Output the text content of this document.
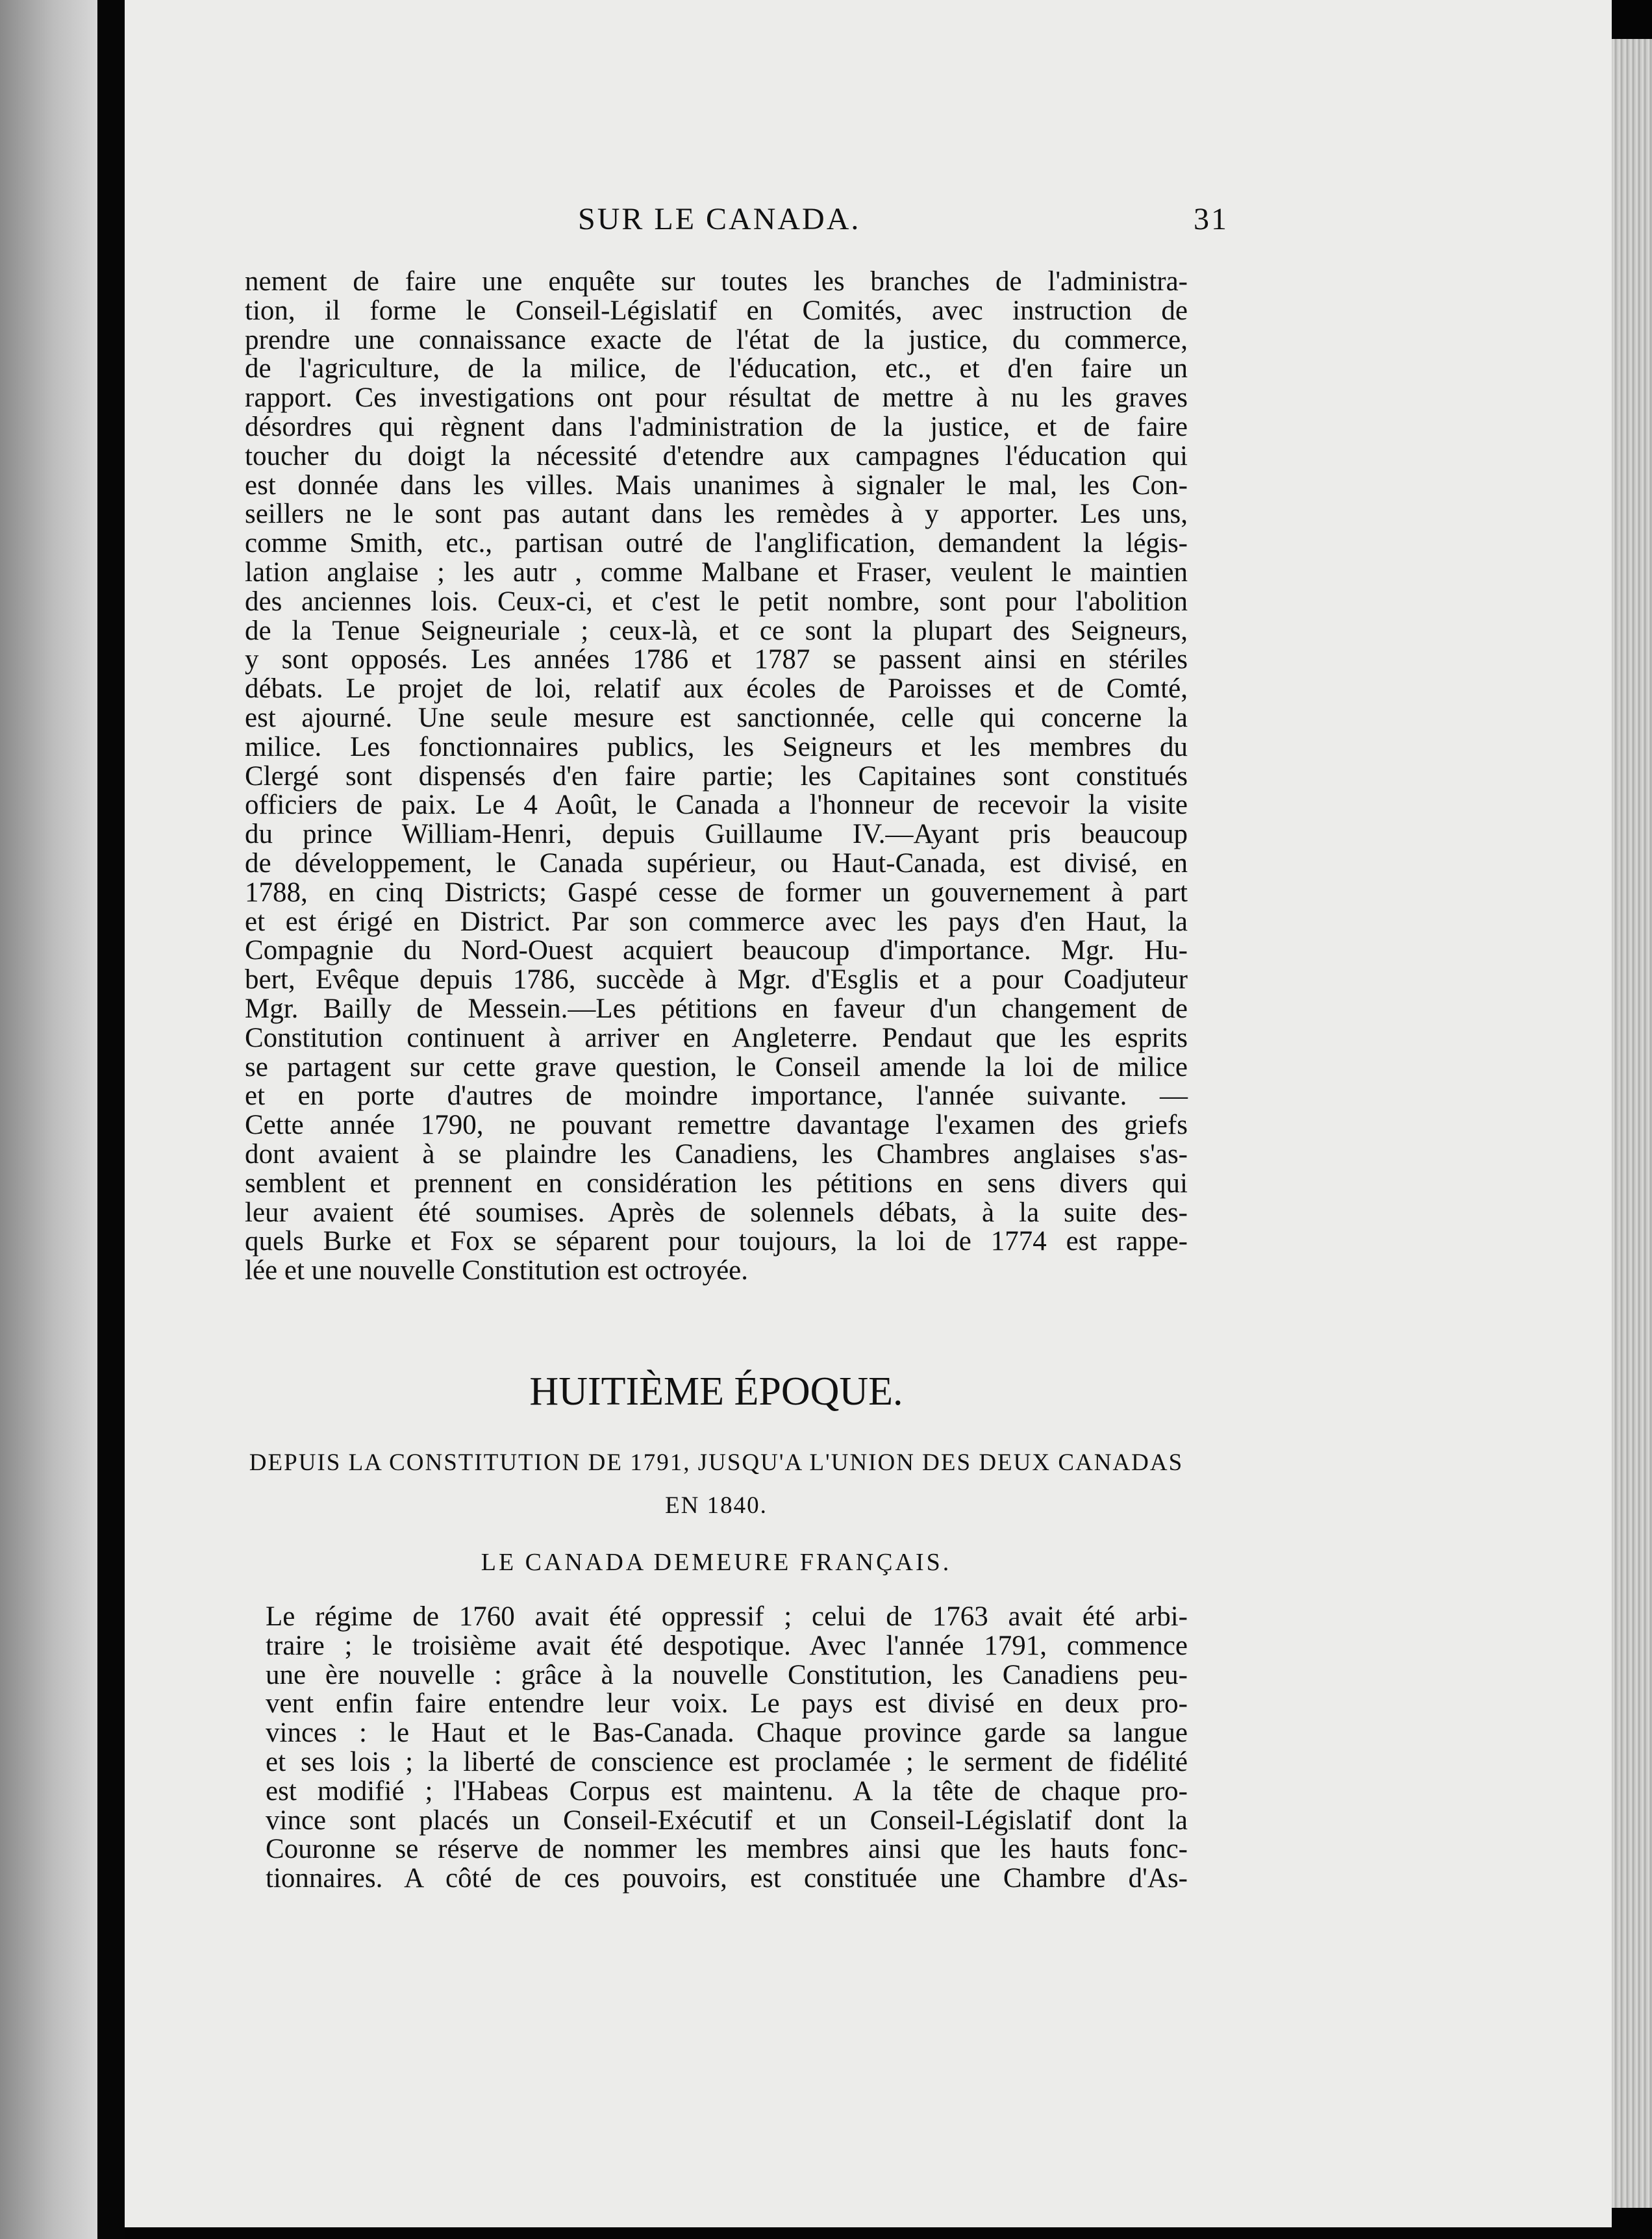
SUR LE CANADA.	31
nement de faire une enquête sur toutes les branches de l'administra-
tion, il forme le Conseil-Législatif en Comités, avec instruction de
prendre une connaissance exacte de l'état de la justice, du commerce,
de l'agriculture, de la milice, de l'éducation, etc., et d'en faire un
rapport. Ces investigations ont pour résultat de mettre à nu les graves
désordres qui règnent dans l'administration de la justice, et de faire
toucher du doigt la nécessité d'etendre aux campagnes l'éducation qui
est donnée dans les villes. Mais unanimes à signaler le mal, les Con-
seillers ne le sont pas autant dans les remèdes à y apporter. Les uns,
comme Smith, etc., partisan outré de l'anglification, demandent la légis-
lation anglaise ; les autr , comme Malbane et Fraser, veulent le maintien
des anciennes lois. Ceux-ci, et c'est le petit nombre, sont pour l'abolition
de la Tenue Seigneuriale ; ceux-là, et ce sont la plupart des Seigneurs,
y sont opposés. Les années 1786 et 1787 se passent ainsi en stériles
débats. Le projet de loi, relatif aux écoles de Paroisses et de Comté,
est ajourné. Une seule mesure est sanctionnée, celle qui concerne la
milice. Les fonctionnaires publics, les Seigneurs et les membres du
Clergé sont dispensés d'en faire partie; les Capitaines sont constitués
officiers de paix. Le 4 Août, le Canada a l'honneur de recevoir la visite
du prince William-Henri, depuis Guillaume IV.—Ayant pris beaucoup
de développement, le Canada supérieur, ou Haut-Canada, est divisé, en
1788, en cinq Districts; Gaspé cesse de former un gouvernement à part
et est érigé en District. Par son commerce avec les pays d'en Haut, la
Compagnie du Nord-Ouest acquiert beaucoup d'importance. Mgr. Hu-
bert, Evêque depuis 1786, succède à Mgr. d'Esglis et a pour Coadjuteur
Mgr. Bailly de Messein.—Les pétitions en faveur d'un changement de
Constitution continuent à arriver en Angleterre. Pendaut que les esprits
se partagent sur cette grave question, le Conseil amende la loi de milice
et en porte d'autres de moindre importance, l'année suivante. —
Cette année 1790, ne pouvant remettre davantage l'examen des griefs
dont avaient à se plaindre les Canadiens, les Chambres anglaises s'as-
semblent et prennent en considération les pétitions en sens divers qui
leur avaient été soumises. Après de solennels débats, à la suite des-
quels Burke et Fox se séparent pour toujours, la loi de 1774 est rappe-
lée et une nouvelle Constitution est octroyée.
HUITIÈME ÉPOQUE.
DEPUIS LA CONSTITUTION DE 1791, JUSQU'A L'UNION DES DEUX CANADAS
EN 1840.
LE CANADA DEMEURE FRANÇAIS.
Le régime de 1760 avait été oppressif ; celui de 1763 avait été arbi-
traire ; le troisième avait été despotique. Avec l'année 1791, commence
une ère nouvelle : grâce à la nouvelle Constitution, les Canadiens peu-
vent enfin faire entendre leur voix. Le pays est divisé en deux pro-
vinces : le Haut et le Bas-Canada. Chaque province garde sa langue
et ses lois ; la liberté de conscience est proclamée ; le serment de fidélité
est modifié ; l'Habeas Corpus est maintenu. A la tête de chaque pro-
vince sont placés un Conseil-Exécutif et un Conseil-Législatif dont la
Couronne se réserve de nommer les membres ainsi que les hauts fonc-
tionnaires. A côté de ces pouvoirs, est constituée une Chambre d'As-
